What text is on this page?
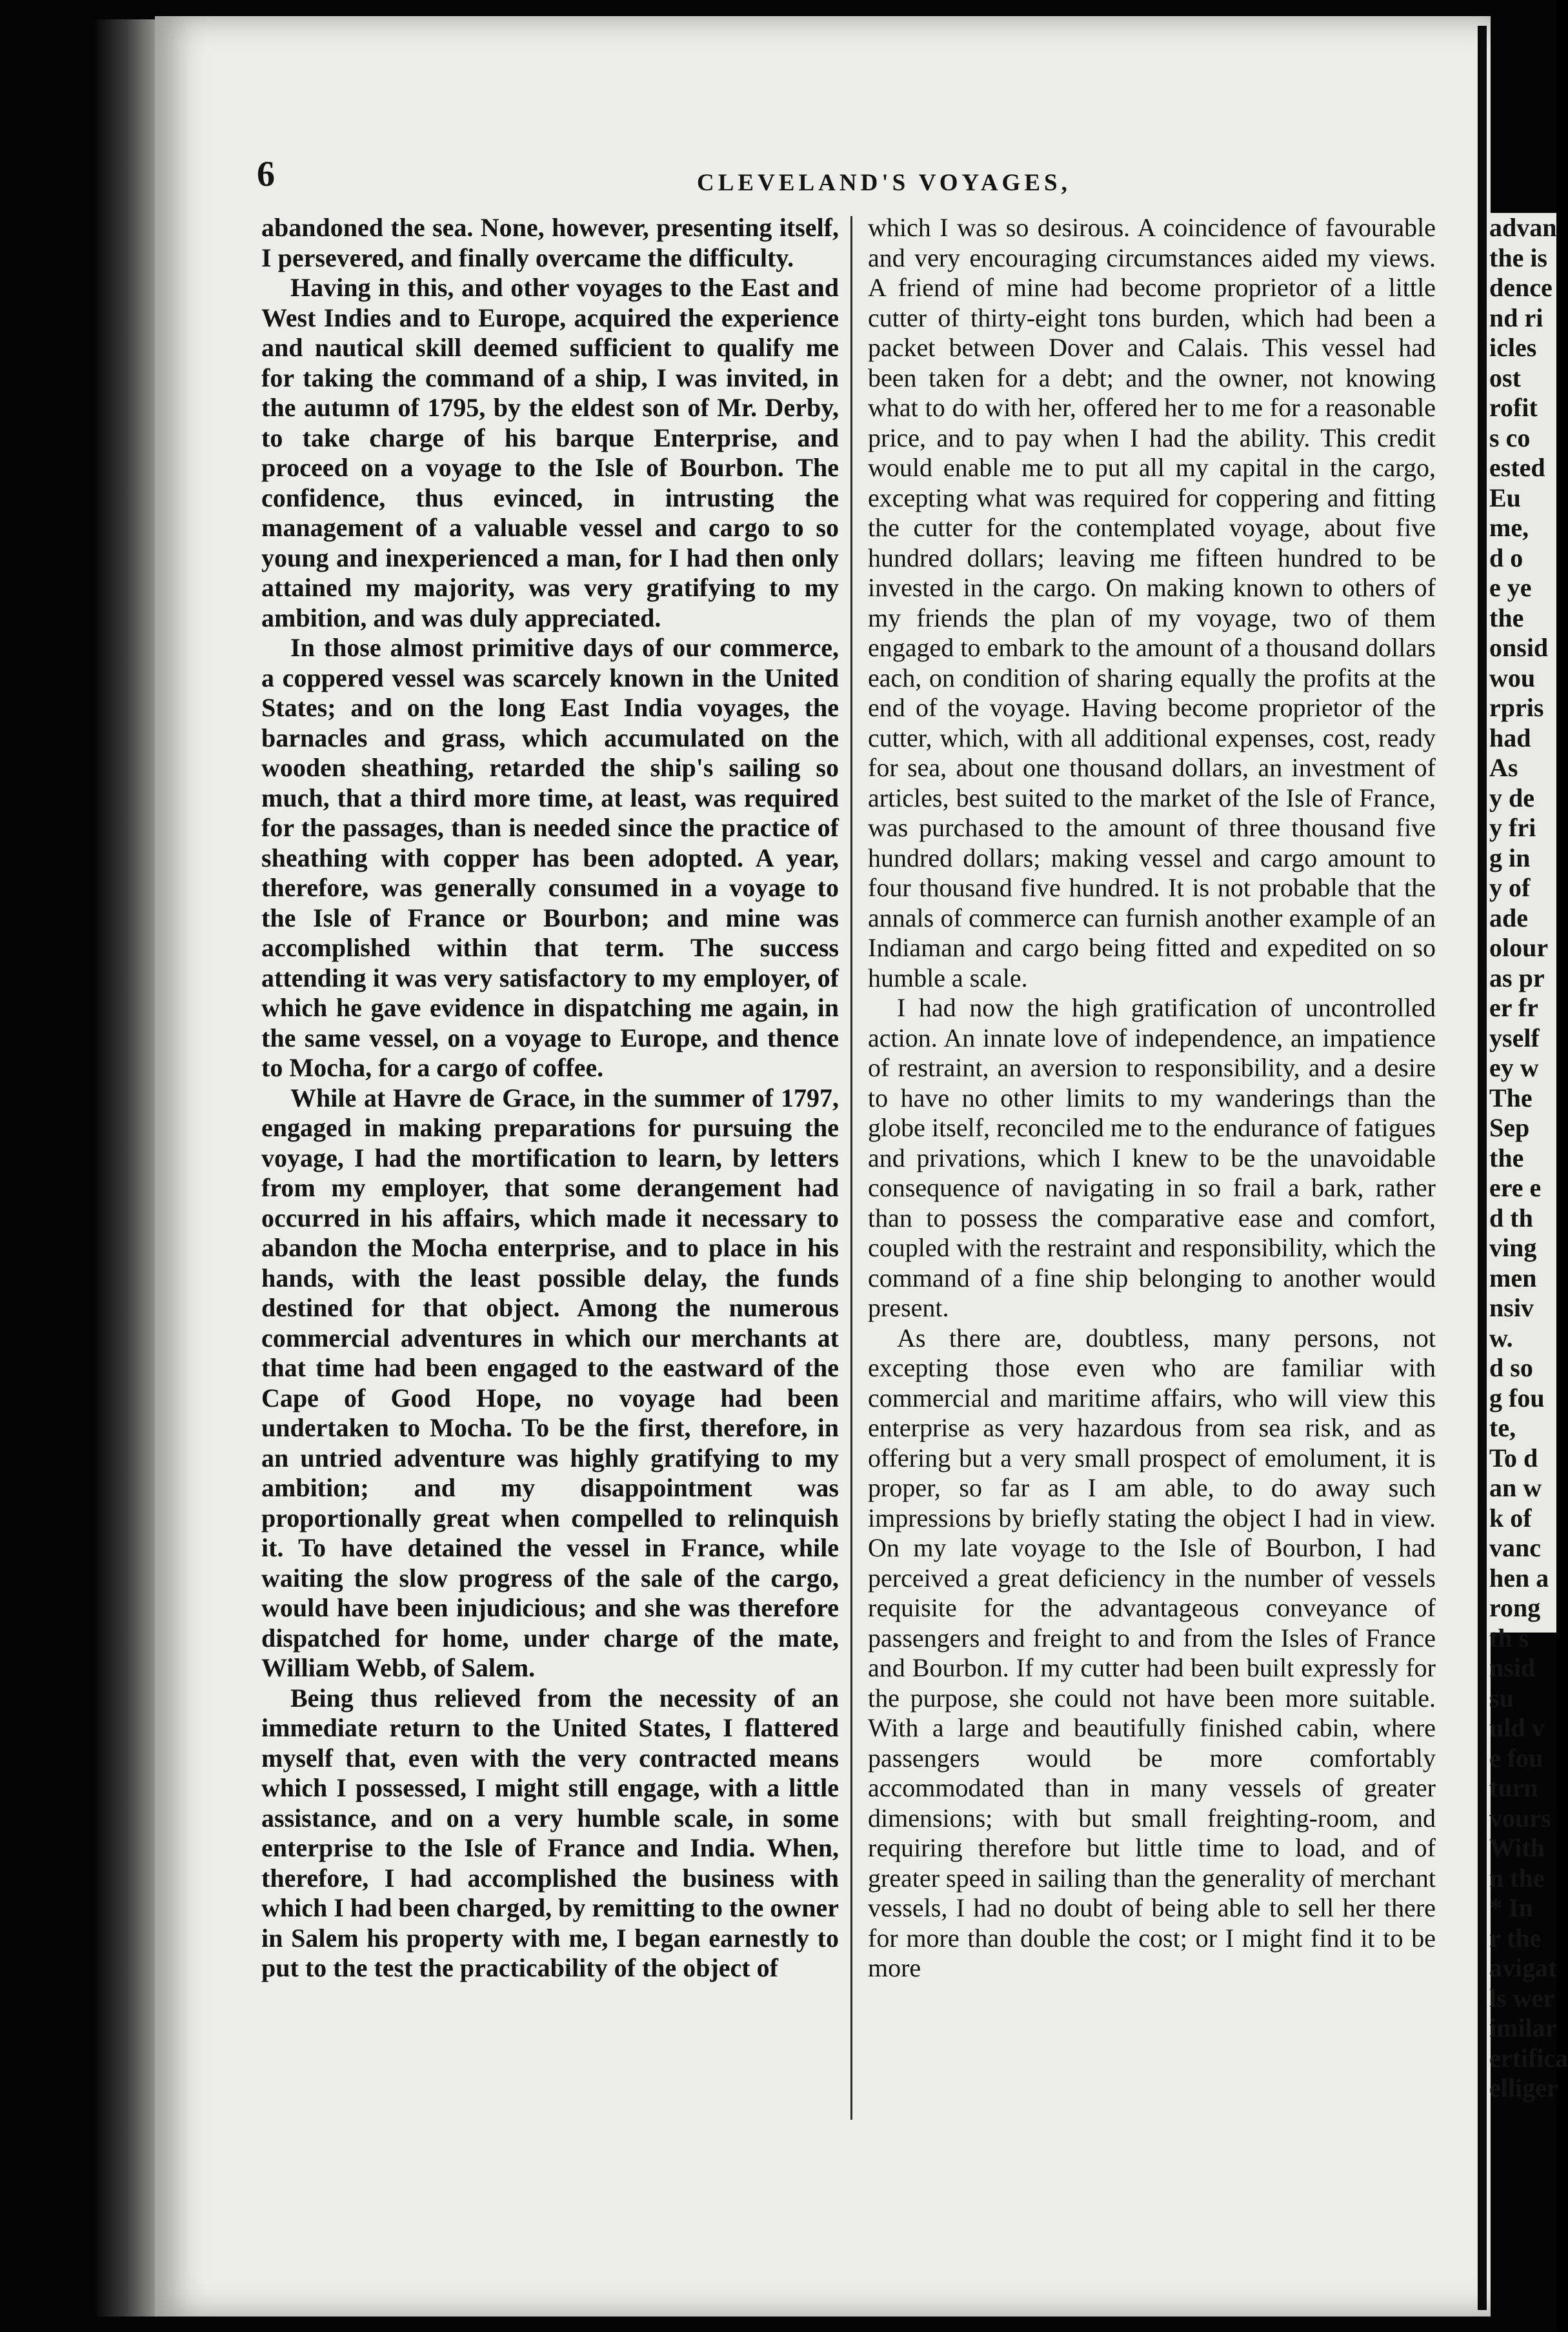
advan
the is
dence
nd ri
icles
ost
rofit
s co
ested
Eu
me,
d o
e ye
the
onsid
wou
rpris
had
As
y de
y fri
g in
y of
ade
olour
as pr
er fr
yself
ey w
The
Sep
the
ere e
d th
ving
men
nsiv
w.
d so
g fou
te,
To d
an w
k of
vanc
hen a
rong
th s
nsid
su
uld v
e fou
turn
vours
With
n the
* In
r the
avigat
ls wer
imilar
ertifica
elliger
6	CLEVELAND'S VOYAGES,

abandoned the sea. None, however, presenting itself, I persevered, and finally overcame the difficulty.

Having in this, and other voyages to the East and West Indies and to Europe, acquired the experience and nautical skill deemed sufficient to qualify me for taking the command of a ship, I was invited, in the autumn of 1795, by the eldest son of Mr. Derby, to take charge of his barque Enterprise, and proceed on a voyage to the Isle of Bourbon. The confidence, thus evinced, in intrusting the management of a valuable vessel and cargo to so young and inexperienced a man, for I had then only attained my majority, was very gratifying to my ambition, and was duly appreciated.

In those almost primitive days of our commerce, a coppered vessel was scarcely known in the United States; and on the long East India voyages, the barnacles and grass, which accumulated on the wooden sheathing, retarded the ship's sailing so much, that a third more time, at least, was required for the passages, than is needed since the practice of sheathing with copper has been adopted. A year, therefore, was generally consumed in a voyage to the Isle of France or Bourbon; and mine was accomplished within that term. The success attending it was very satisfactory to my employer, of which he gave evidence in dispatching me again, in the same vessel, on a voyage to Europe, and thence to Mocha, for a cargo of coffee.

While at Havre de Grace, in the summer of 1797, engaged in making preparations for pursuing the voyage, I had the mortification to learn, by letters from my employer, that some derangement had occurred in his affairs, which made it necessary to abandon the Mocha enterprise, and to place in his hands, with the least possible delay, the funds destined for that object. Among the numerous commercial adventures in which our merchants at that time had been engaged to the eastward of the Cape of Good Hope, no voyage had been undertaken to Mocha. To be the first, therefore, in an untried adventure was highly gratifying to my ambition; and my disappointment was proportionally great when compelled to relinquish it. To have detained the vessel in France, while waiting the slow progress of the sale of the cargo, would have been injudicious; and she was therefore dispatched for home, under charge of the mate, William Webb, of Salem.

Being thus relieved from the necessity of an immediate return to the United States, I flattered myself that, even with the very contracted means which I possessed, I might still engage, with a little assistance, and on a very humble scale, in some enterprise to the Isle of France and India. When, therefore, I had accomplished the business with which I had been charged, by remitting to the owner in Salem his property with me, I began earnestly to put to the test the practicability of the object of

which I was so desirous. A coincidence of favourable and very encouraging circumstances aided my views. A friend of mine had become proprietor of a little cutter of thirty-eight tons burden, which had been a packet between Dover and Calais. This vessel had been taken for a debt; and the owner, not knowing what to do with her, offered her to me for a reasonable price, and to pay when I had the ability. This credit would enable me to put all my capital in the cargo, excepting what was required for coppering and fitting the cutter for the contemplated voyage, about five hundred dollars; leaving me fifteen hundred to be invested in the cargo. On making known to others of my friends the plan of my voyage, two of them engaged to embark to the amount of a thousand dollars each, on condition of sharing equally the profits at the end of the voyage. Having become proprietor of the cutter, which, with all additional expenses, cost, ready for sea, about one thousand dollars, an investment of articles, best suited to the market of the Isle of France, was purchased to the amount of three thousand five hundred dollars; making vessel and cargo amount to four thousand five hundred. It is not probable that the annals of commerce can furnish another example of an Indiaman and cargo being fitted and expedited on so humble a scale.

I had now the high gratification of uncontrolled action. An innate love of independence, an impatience of restraint, an aversion to responsibility, and a desire to have no other limits to my wanderings than the globe itself, reconciled me to the endurance of fatigues and privations, which I knew to be the unavoidable consequence of navigating in so frail a bark, rather than to possess the comparative ease and comfort, coupled with the restraint and responsibility, which the command of a fine ship belonging to another would present.

As there are, doubtless, many persons, not excepting those even who are familiar with commercial and maritime affairs, who will view this enterprise as very hazardous from sea risk, and as offering but a very small prospect of emolument, it is proper, so far as I am able, to do away such impressions by briefly stating the object I had in view. On my late voyage to the Isle of Bourbon, I had perceived a great deficiency in the number of vessels requisite for the advantageous conveyance of passengers and freight to and from the Isles of France and Bourbon. If my cutter had been built expressly for the purpose, she could not have been more suitable. With a large and beautifully finished cabin, where passengers would be more comfortably accommodated than in many vessels of greater dimensions; with but small freighting-room, and requiring therefore but little time to load, and of greater speed in sailing than the generality of merchant vessels, I had no doubt of being able to sell her there for more than double the cost; or I might find it to be more
